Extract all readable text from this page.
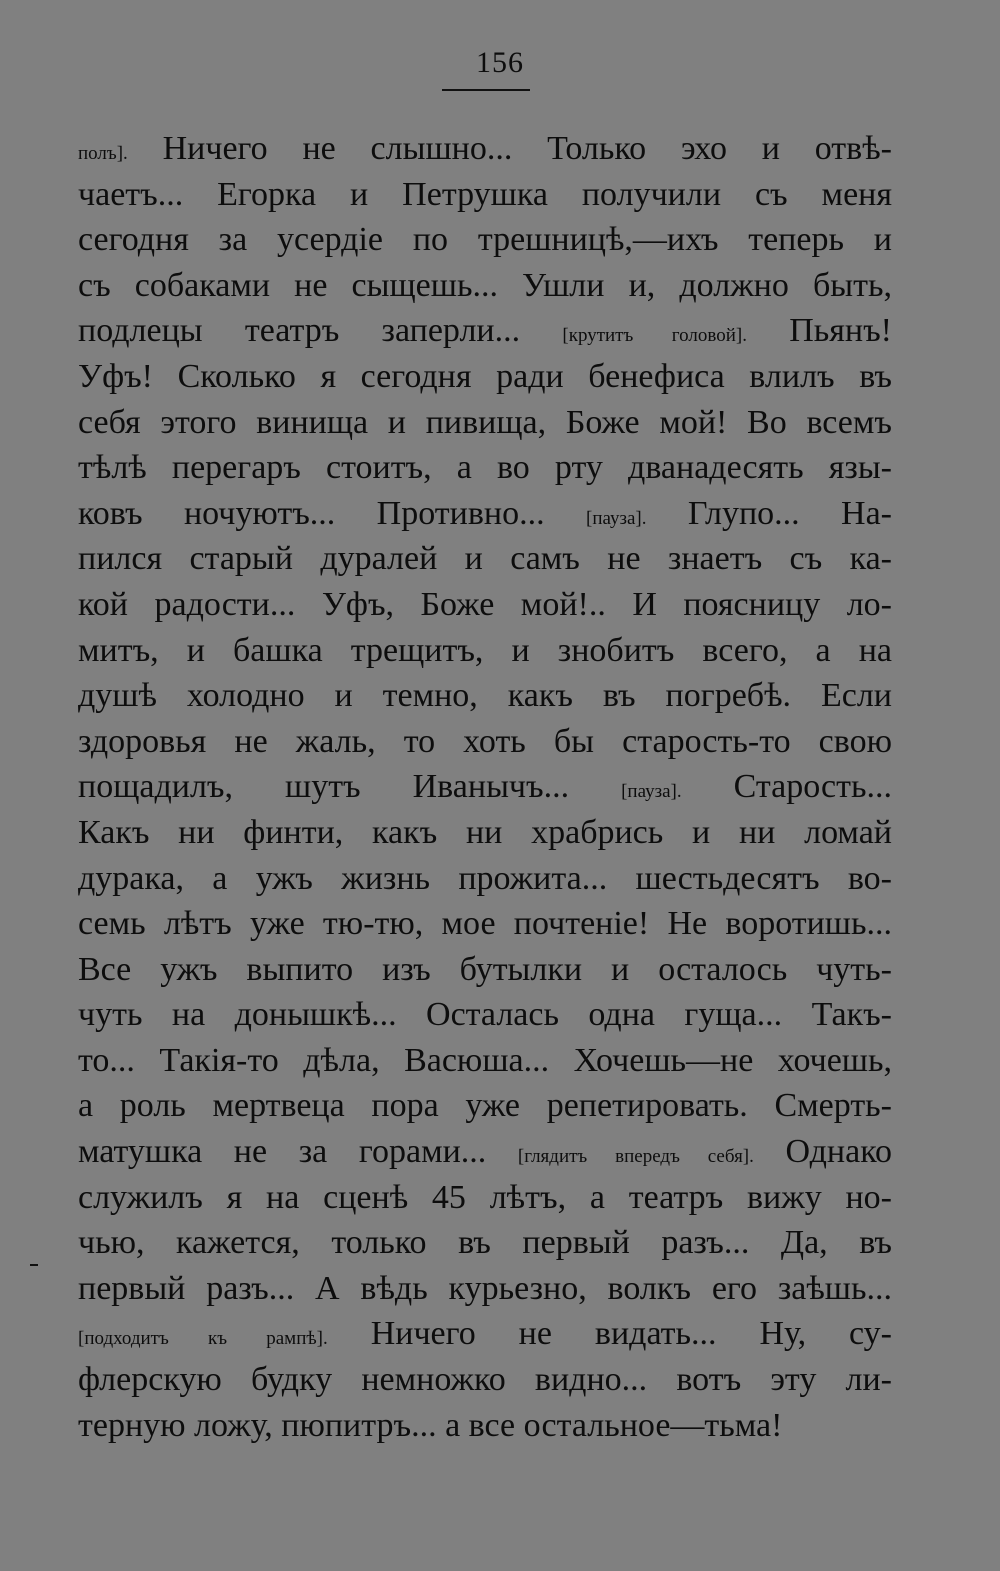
156
полъ]. Ничего не слышно... Только эхо и отвѣ-
чаетъ... Егорка и Петрушка получили съ меня
сегодня за усердіе по трешницѣ,—ихъ теперь и
съ собаками не сыщешь... Ушли и, должно быть,
подлецы театръ заперли... [крутитъ головой]. Пьянъ!
Уфъ! Сколько я сегодня ради бенефиса влилъ въ
себя этого винища и пивища, Боже мой! Во всемъ
тѣлѣ перегаръ стоитъ, а во рту дванадесять язы-
ковъ ночуютъ... Противно... [пауза]. Глупо... На-
пился старый дуралей и самъ не знаетъ съ ка-
кой радости... Уфъ, Боже мой!.. И поясницу ло-
митъ, и башка трещитъ, и знобитъ всего, а на
душѣ холодно и темно, какъ въ погребѣ. Если
здоровья не жаль, то хоть бы старость-то свою
пощадилъ, шутъ Иванычъ... [пауза]. Старость...
Какъ ни финти, какъ ни храбрись и ни ломай
дурака, а ужъ жизнь прожита... шестьдесятъ во-
семь лѣтъ уже тю-тю, мое почтеніе! Не воротишь...
Все ужъ выпито изъ бутылки и осталось чуть-
чуть на донышкѣ... Осталась одна гуща... Такъ-
то... Такія-то дѣла, Васюша... Хочешь—не хочешь,
а роль мертвеца пора уже репетировать. Смерть-
матушка не за горами... [глядитъ впередъ себя]. Однако
служилъ я на сценѣ 45 лѣтъ, а театръ вижу но-
чью, кажется, только въ первый разъ... Да, въ
первый разъ... А вѣдь курьезно, волкъ его заѣшь...
[подходитъ къ рампѣ]. Ничего не видать... Ну, су-
флерскую будку немножко видно... вотъ эту ли-
терную ложу, пюпитръ... а все остальное—тьма!
